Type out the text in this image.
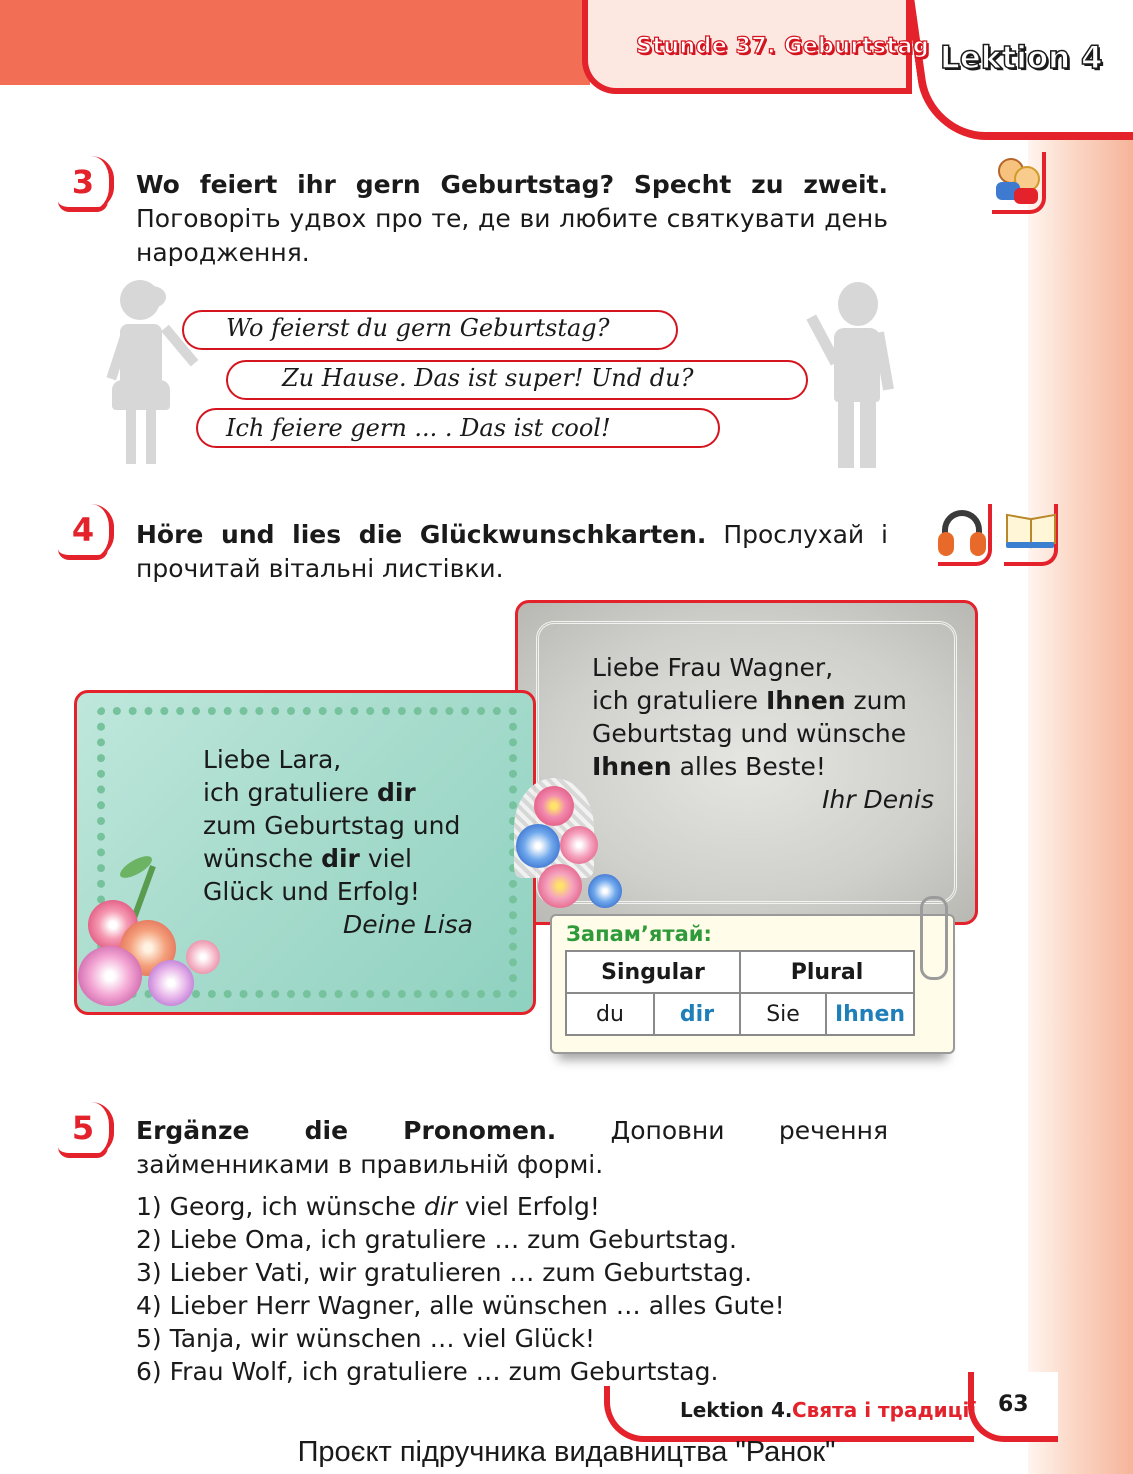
Stunde 37. Geburtstag Lektion 4
3	Wo feiert ihr gern Geburtstag? Specht zu zweit. Поговоріть удвох про те, де ви любите святкувати день народження.
Wo feierst du gern Geburtstag?
Zu Hause. Das ist super! Und du?
Ich feiere gern ... . Das ist cool!
4	Höre und lies die Glückwunschkarten. Прослухай і прочитай вітальні листівки.
Liebe Frau Wagner,
ich gratuliere Ihnen zum
Geburtstag und wünsche
Ihnen alles Beste!
Ihr Denis
Liebe Lara,
ich gratuliere dir
zum Geburtstag und
wünsche dir viel
Glück und Erfolg!
Deine Lisa	Запам’ятай:
Singular		Plural	
du	dir	Sie	Ihnen
5	Ergänze die Pronomen. Доповни речення займенниками в правильній формі.
1) Georg, ich wünsche dir viel Erfolg!
2) Liebe Oma, ich gratuliere … zum Geburtstag.
3) Lieber Vati, wir gratulieren … zum Geburtstag.
4) Lieber Herr Wagner, alle wünschen … alles Gute!
5) Tanja, wir wünschen … viel Glück!
6) Frau Wolf, ich gratuliere … zum Geburtstag.
Lektion 4. Свята і традиції 63
Проєкт підручника видавництва "Ранок"
